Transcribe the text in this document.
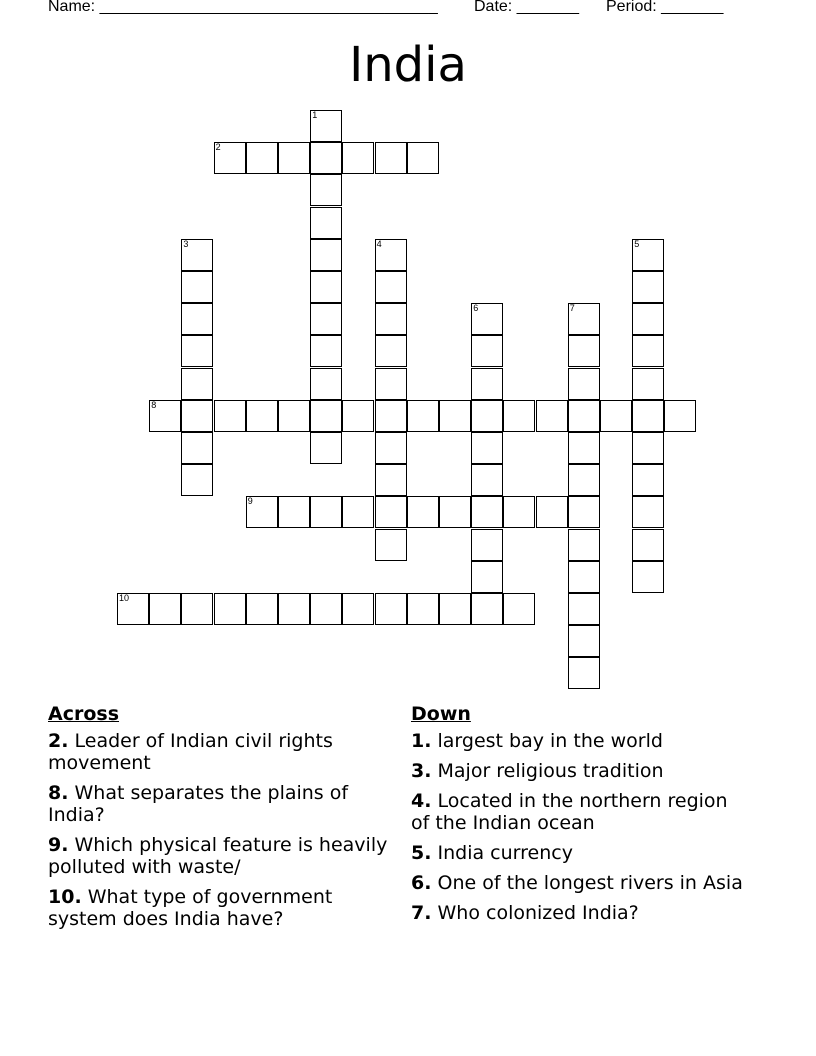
Name: ______________________________________ Date: _______ Period: _______
India
1
2
3	4	5
6	7
8
9
10
Across
2. Leader of Indian civil rights movement
8. What separates the plains of India?
9. Which physical feature is heavily polluted with waste/
10. What type of government system does India have?
Down
1. largest bay in the world
3. Major religious tradition
4. Located in the northern region of the Indian ocean
5. India currency
6. One of the longest rivers in Asia
7. Who colonized India?
